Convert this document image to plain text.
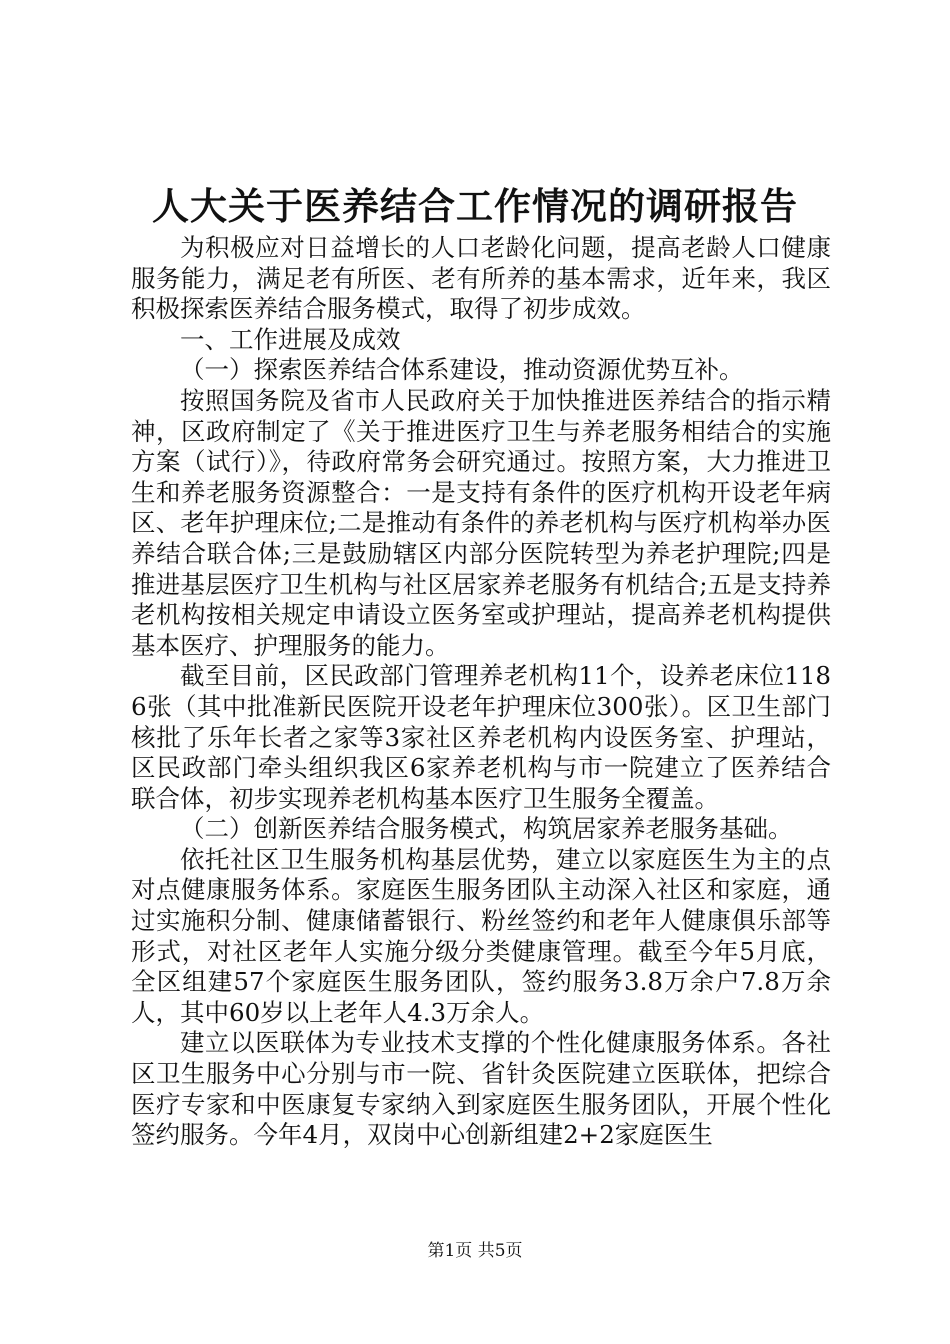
人大关于医养结合工作情况的调研报告

为积极应对日益增长的人口老龄化问题，提高老龄人口健康服务能力，满足老有所医、老有所养的基本需求，近年来，我区积极探索医养结合服务模式，取得了初步成效。

一、工作进展及成效

（一）探索医养结合体系建设，推动资源优势互补。

按照国务院及省市人民政府关于加快推进医养结合的指示精神，区政府制定了《关于推进医疗卫生与养老服务相结合的实施方案（试行）》，待政府常务会研究通过。按照方案，大力推进卫生和养老服务资源整合：一是支持有条件的医疗机构开设老年病区、老年护理床位;二是推动有条件的养老机构与医疗机构举办医养结合联合体;三是鼓励辖区内部分医院转型为养老护理院;四是推进基层医疗卫生机构与社区居家养老服务有机结合;五是支持养老机构按相关规定申请设立医务室或护理站，提高养老机构提供基本医疗、护理服务的能力。

截至目前，区民政部门管理养老机构11个，设养老床位1186张（其中批准新民医院开设老年护理床位300张）。区卫生部门核批了乐年长者之家等3家社区养老机构内设医务室、护理站，区民政部门牵头组织我区6家养老机构与市一院建立了医养结合联合体，初步实现养老机构基本医疗卫生服务全覆盖。

（二）创新医养结合服务模式，构筑居家养老服务基础。

依托社区卫生服务机构基层优势，建立以家庭医生为主的点对点健康服务体系。家庭医生服务团队主动深入社区和家庭，通过实施积分制、健康储蓄银行、粉丝签约和老年人健康俱乐部等形式，对社区老年人实施分级分类健康管理。截至今年5月底，全区组建57个家庭医生服务团队，签约服务3.8万余户7.8万余人，其中60岁以上老年人4.3万余人。

建立以医联体为专业技术支撑的个性化健康服务体系。各社区卫生服务中心分别与市一院、省针灸医院建立医联体，把综合医疗专家和中医康复专家纳入到家庭医生服务团队，开展个性化签约服务。今年4月，双岗中心创新组建2+2家庭医生

第1页 共5页
